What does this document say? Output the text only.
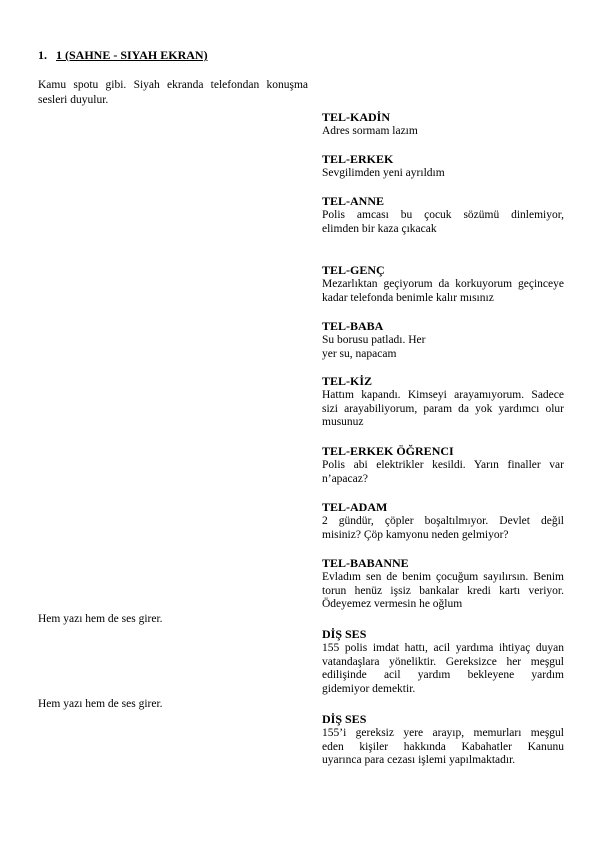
1. 1 (SAHNE - SIYAH EKRAN)
Kamu spotu gibi. Siyah ekranda telefondan konuşma
sesleri duyulur.
Hem yazı hem de ses girer.
Hem yazı hem de ses girer.
TEL-KADİN
Adres sormam lazım
TEL-ERKEK
Sevgilimden yeni ayrıldım
TEL-ANNE
Polis amcası bu çocuk sözümü dinlemiyor,
elimden bir kaza çıkacak
TEL-GENÇ
Mezarlıktan geçiyorum da korkuyorum geçinceye
kadar telefonda benimle kalır mısınız
TEL-BABA
Su borusu patladı. Her
yer su, napacam
TEL-KİZ
Hattım kapandı. Kimseyi arayamıyorum. Sadece
sizi arayabiliyorum, param da yok yardımcı olur
musunuz
TEL-ERKEK ÖĞRENCI
Polis abi elektrikler kesildi. Yarın finaller var
n’apacaz?
TEL-ADAM
2 gündür, çöpler boşaltılmıyor. Devlet değil
misiniz? Çöp kamyonu neden gelmiyor?
TEL-BABANNE
Evladım sen de benim çocuğum sayılırsın. Benim
torun henüz işsiz bankalar kredi kartı veriyor.
Ödeyemez vermesin he oğlum
DİŞ SES
155 polis imdat hattı, acil yardıma ihtiyaç duyan
vatandaşlara yöneliktir. Gereksizce her meşgul
edilişinde acil yardım bekleyene yardım
gidemiyor demektir.
DİŞ SES
155’i gereksiz yere arayıp, memurları meşgul
eden kişiler hakkında Kabahatler Kanunu
uyarınca para cezası işlemi yapılmaktadır.
